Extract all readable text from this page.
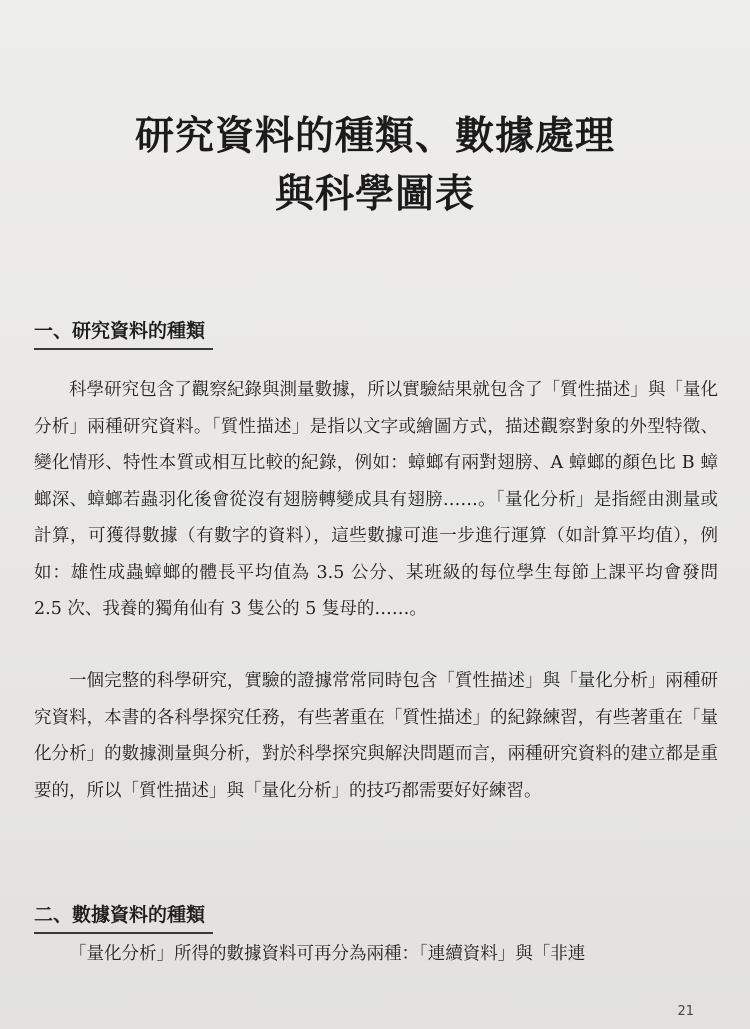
研究資料的種類、數據處理
與科學圖表
一、研究資料的種類

科學研究包含了觀察紀錄與測量數據，所以實驗結果就包含了「質性描述」與「量化分析」兩種研究資料。「質性描述」是指以文字或繪圖方式，描述觀察對象的外型特徵、變化情形、特性本質或相互比較的紀錄，例如：蟑螂有兩對翅膀、A 蟑螂的顏色比 B 蟑螂深、蟑螂若蟲羽化後會從沒有翅膀轉變成具有翅膀……。「量化分析」是指經由測量或計算，可獲得數據（有數字的資料），這些數據可進一步進行運算（如計算平均值），例如：雄性成蟲蟑螂的體長平均值為 3.5 公分、某班級的每位學生每節上課平均會發問 2.5 次、我養的獨角仙有 3 隻公的 5 隻母的……。

一個完整的科學研究，實驗的證據常常同時包含「質性描述」與「量化分析」兩種研究資料，本書的各科學探究任務，有些著重在「質性描述」的紀錄練習，有些著重在「量化分析」的數據測量與分析，對於科學探究與解決問題而言，兩種研究資料的建立都是重要的，所以「質性描述」與「量化分析」的技巧都需要好好練習。

二、數據資料的種類

「量化分析」所得的數據資料可再分為兩種：「連續資料」與「非連

21
